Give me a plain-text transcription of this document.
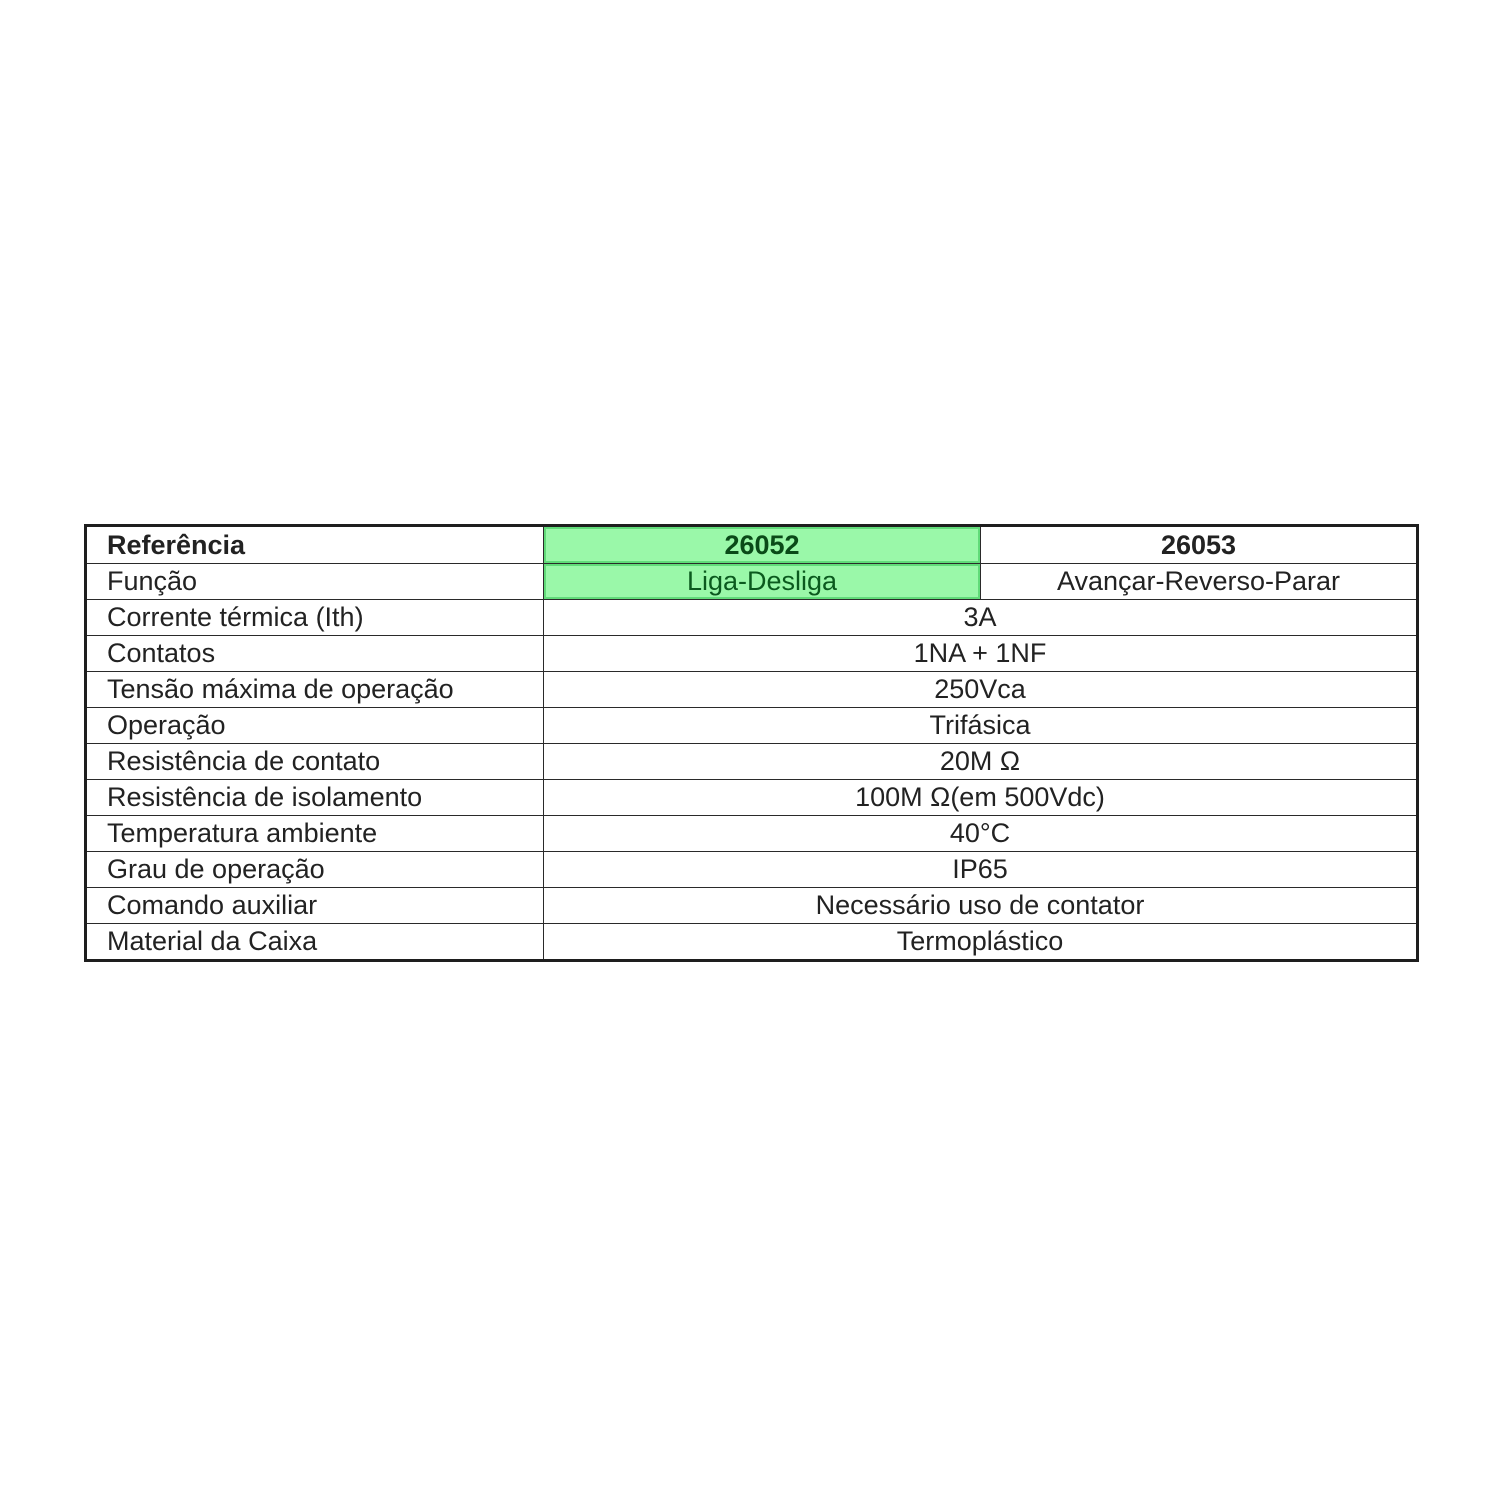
Referência	26052	26053
Função	Liga-Desliga	Avançar-Reverso-Parar
Corrente térmica (Ith)	3A	
Contatos	1NA + 1NF	
Tensão máxima de operação	250Vca	
Operação	Trifásica	
Resistência de contato	20M Ω	
Resistência de isolamento	100M Ω(em 500Vdc)	
Temperatura ambiente	40°C	
Grau de operação	IP65	
Comando auxiliar	Necessário uso de contator	
Material da Caixa	Termoplástico	
